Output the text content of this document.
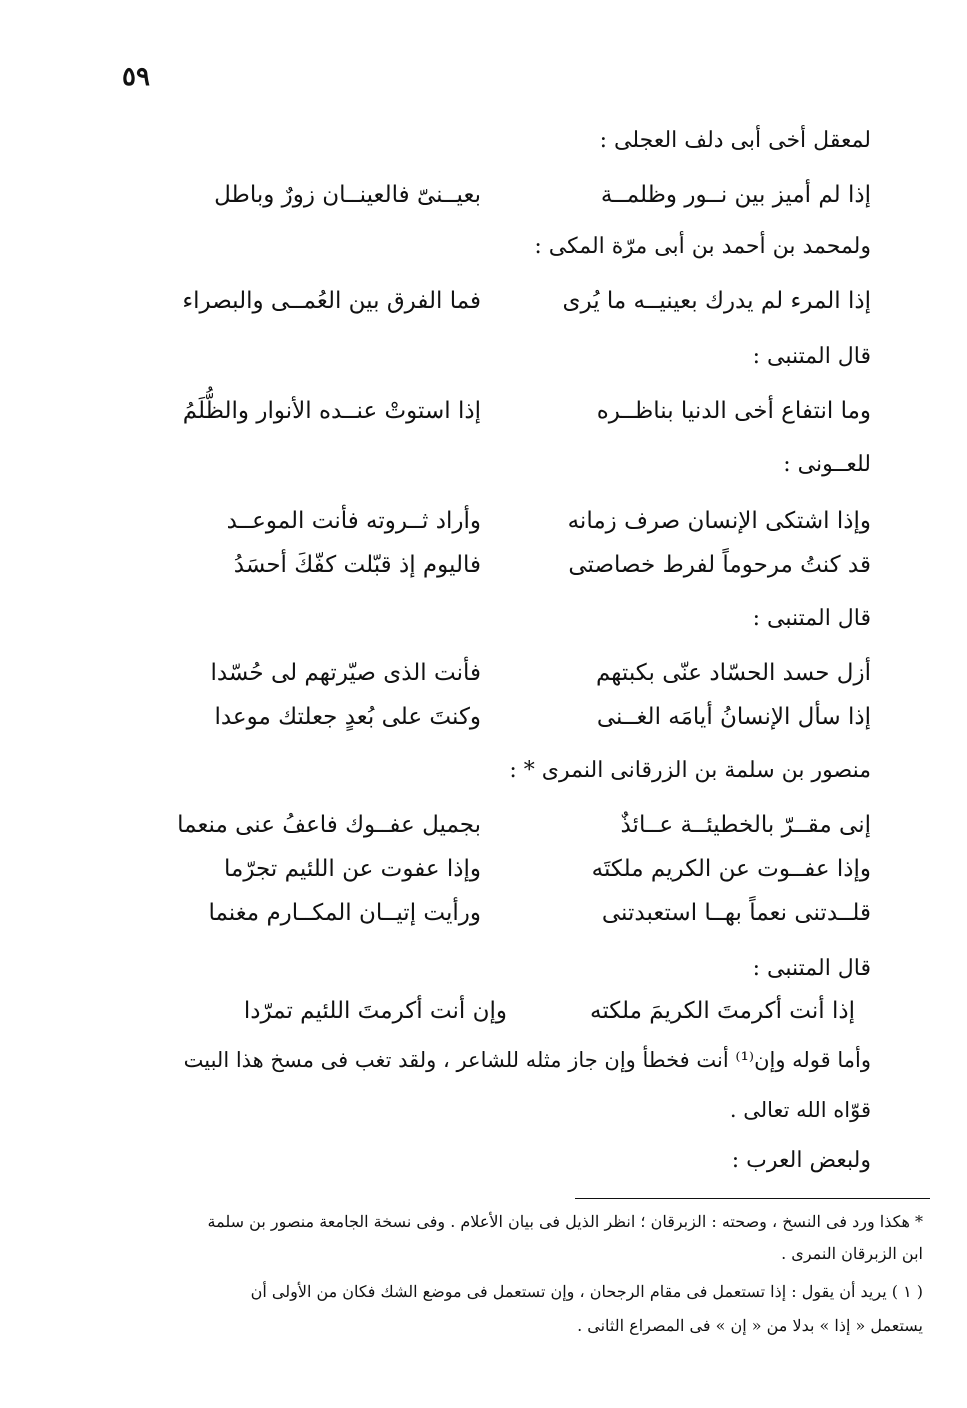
٥٩
لمعقل أخى أبى دلف العجلى :
إذا لم أميز بين نــور وظلمــة
بعيــنىّ فالعينــان زورٌ وباطل
ولمحمد بن أحمد بن أبى مرّة المكى :
إذا المرء لم يدرك بعينيــه ما يُرى
فما الفرق بين العُمــى والبصراء
قال المتنبى :
وما انتفاع أخى الدنيا بناظــره
إذا استوتْ عنــده الأنوار والظُّلَمُ
للعــونى :
وإذا اشتكى الإنسان صرف زمانه
وأراد ثــروته فأنت الموعــد
قد كنتُ مرحوماً لفرط خصاصتى
فاليوم إذ قبّلت كفّكَ أحسَدُ
قال المتنبى :
أزل حسد الحسّاد عنّى بكبتهم
فأنت الذى صيّرتهم لى حُسّدا
إذا سأل الإنسانُ أيامَه الغــنى
وكنتَ على بُعدٍ جعلتك موعدا
منصور بن سلمة بن الزرقانى النمرى * :
إنى مقــرّ بالخطيئــة عــائذٌ
بجميل عفــوك فاعفُ عنى منعما
وإذا عفــوت عن الكريم ملكتَه
وإذا عفوت عن اللئيم تجرّما
قلــدتنى نعماً بهــا استعبدتنى
ورأيت إتيــان المكــارم مغنما
قال المتنبى :
إذا أنت أكرمتَ الكريمَ ملكته
وإن أنت أكرمتَ اللئيم تمرّدا
وأما قوله وإن⁽¹⁾ أنت فخطأ وإن جاز مثله للشاعر ، ولقد تغب فى مسخ هذا البيت
قوّاه الله تعالى .
ولبعض العرب :
* هكذا ورد فى النسخ ، وصحته : الزبرقان ؛ انظر الذيل فى بيان الأعلام . وفى نسخة الجامعة منصور بن سلمة
ابن الزبرقان النمرى .
( ١ ) يريد أن يقول : إذا تستعمل فى مقام الرجحان ، وإن تستعمل فى موضع الشك فكان من الأولى أن
يستعمل « إذا » بدلا من « إن » فى المصراع الثانى .
